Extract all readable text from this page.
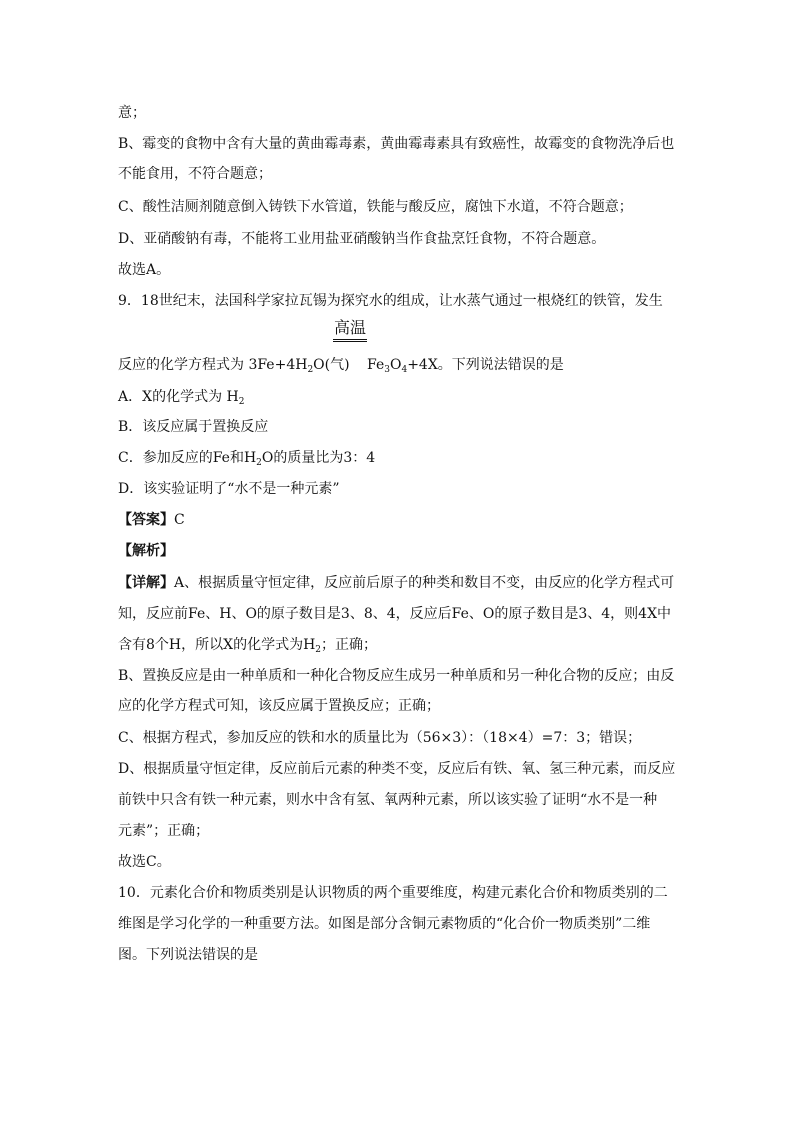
意；
B、霉变的食物中含有大量的黄曲霉毒素，黄曲霉毒素具有致癌性，故霉变的食物洗净后也
不能食用，不符合题意；
C、酸性洁厕剂随意倒入铸铁下水管道，铁能与酸反应，腐蚀下水道，不符合题意；
D、亚硝酸钠有毒，不能将工业用盐亚硝酸钠当作食盐烹饪食物，不符合题意。
故选A。
9．18世纪末，法国科学家拉瓦锡为探究水的组成，让水蒸气通过一根烧红的铁管，发生
高温
反应的化学方程式为 $3Fe+4H_2O$(气) $Fe_3O_4+4X$。下列说法错误的是
A．X的化学式为 $H_2$
B．该反应属于置换反应
C．参加反应的Fe和$H_2O$的质量比为3：4
D．该实验证明了“水不是一种元素”
【答案】C
【解析】
【详解】A、根据质量守恒定律，反应前后原子的种类和数目不变，由反应的化学方程式可
知，反应前Fe、H、O的原子数目是3、8、4，反应后Fe、O的原子数目是3、4，则4X中
含有8个H，所以X的化学式为$H_2$；正确；
B、置换反应是由一种单质和一种化合物反应生成另一种单质和另一种化合物的反应；由反
应的化学方程式可知，该反应属于置换反应；正确；
C、根据方程式，参加反应的铁和水的质量比为（56×3）：（18×4）=7：3；错误；
D、根据质量守恒定律，反应前后元素的种类不变，反应后有铁、氧、氢三种元素，而反应
前铁中只含有铁一种元素，则水中含有氢、氧两种元素，所以该实验了证明“水不是一种
元素”；正确；
故选C。
10．元素化合价和物质类别是认识物质的两个重要维度，构建元素化合价和物质类别的二
维图是学习化学的一种重要方法。如图是部分含铜元素物质的“化合价一物质类别”二维
图。下列说法错误的是
